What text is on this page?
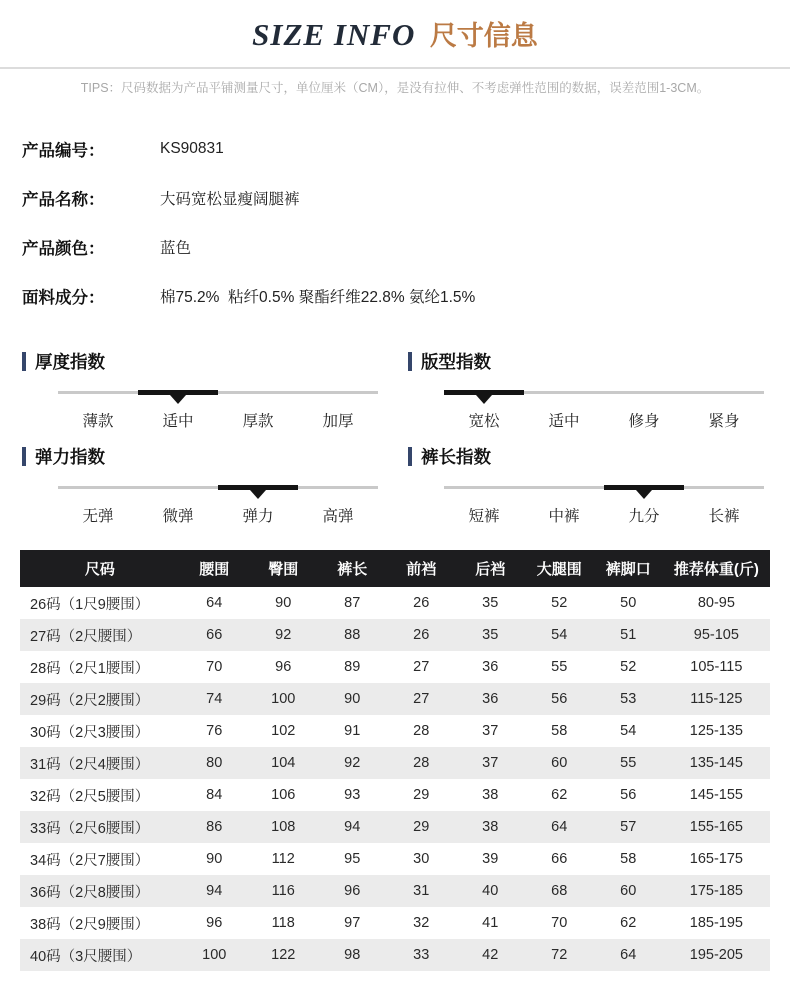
SIZE INFO 尺寸信息
TIPS：尺码数据为产品平铺测量尺寸，单位厘米（CM），是没有拉伸、不考虑弹性范围的数据，误差范围1-3CM。
产品编号：	KS90831
产品名称：	大码宽松显瘦阔腿裤
产品颜色：	蓝色
面料成分：	棉75.2%  粘纤0.5% 聚酯纤维22.8% 氨纶1.5%
厚度指数
薄款	适中	厚款	加厚
版型指数
宽松	适中	修身	紧身
弹力指数
无弹	微弹	弹力	高弹
裤长指数
短裤	中裤	九分	长裤
尺码	腰围	臀围	裤长	前裆	后裆	大腿围	裤脚口	推荐体重(斤)
26码（1尺9腰围）	64	90	87	26	35	52	50	80-95
27码（2尺腰围）	66	92	88	26	35	54	51	95-105
28码（2尺1腰围）	70	96	89	27	36	55	52	105-115
29码（2尺2腰围）	74	100	90	27	36	56	53	115-125
30码（2尺3腰围）	76	102	91	28	37	58	54	125-135
31码（2尺4腰围）	80	104	92	28	37	60	55	135-145
32码（2尺5腰围）	84	106	93	29	38	62	56	145-155
33码（2尺6腰围）	86	108	94	29	38	64	57	155-165
34码（2尺7腰围）	90	112	95	30	39	66	58	165-175
36码（2尺8腰围）	94	116	96	31	40	68	60	175-185
38码（2尺9腰围）	96	118	97	32	41	70	62	185-195
40码（3尺腰围）	100	122	98	33	42	72	64	195-205
